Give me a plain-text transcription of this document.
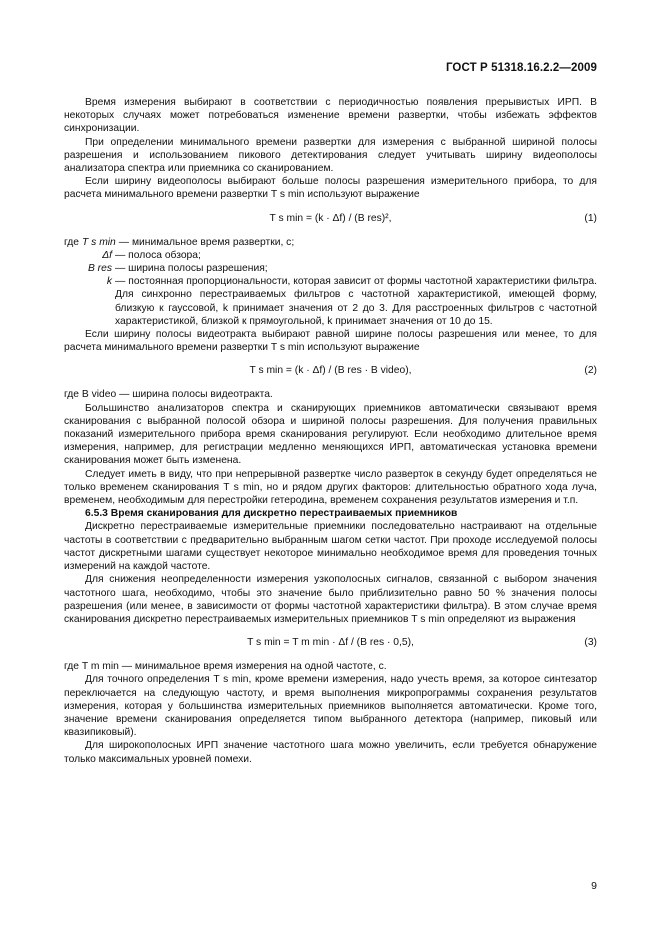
ГОСТ Р 51318.16.2.2—2009

Время измерения выбирают в соответствии с периодичностью появления прерывистых ИРП. В некоторых случаях может потребоваться изменение времени развертки, чтобы избежать эффектов синхронизации.

При определении минимального времени развертки для измерения с выбранной шириной полосы разрешения и использованием пикового детектирования следует учитывать ширину видеополосы анализатора спектра или приемника со сканированием.

Если ширину видеополосы выбирают больше полосы разрешения измерительного прибора, то для расчета минимального времени развертки T s min используют выражение

T s min = (k · Δf) / (B res)²,	(1)
где T s min — минимальное время развертки, с;
Δf — полоса обзора;
B res — ширина полосы разрешения;
k — постоянная пропорциональности, которая зависит от формы частотной характеристики фильтра. Для синхронно перестраиваемых фильтров с частотной характеристикой, имеющей форму, близкую к гауссовой, k принимает значения от 2 до 3. Для расстроенных фильтров с частотной характеристикой, близкой к прямоугольной, k принимает значения от 10 до 15.

Если ширину полосы видеотракта выбирают равной ширине полосы разрешения или менее, то для расчета минимального времени развертки T s min используют выражение

T s min = (k · Δf) / (B res · B video),	(2)

где B video — ширина полосы видеотракта.

Большинство анализаторов спектра и сканирующих приемников автоматически связывают время сканирования с выбранной полосой обзора и шириной полосы разрешения. Для получения правильных показаний измерительного прибора время сканирования регулируют. Если необходимо длительное время измерения, например, для регистрации медленно меняющихся ИРП, автоматическая установка времени сканирования может быть изменена.

Следует иметь в виду, что при непрерывной развертке число разверток в секунду будет определяться не только временем сканирования T s min, но и рядом других факторов: длительностью обратного хода луча, временем, необходимым для перестройки гетеродина, временем сохранения результатов измерения и т.п.

6.5.3 Время сканирования для дискретно перестраиваемых приемников

Дискретно перестраиваемые измерительные приемники последовательно настраивают на отдельные частоты в соответствии с предварительно выбранным шагом сетки частот. При проходе исследуемой полосы частот дискретными шагами существует некоторое минимально необходимое время для проведения точных измерений на каждой частоте.

Для снижения неопределенности измерения узкополосных сигналов, связанной с выбором значения частотного шага, необходимо, чтобы это значение было приблизительно равно 50 % значения полосы разрешения (или менее, в зависимости от формы частотной характеристики фильтра). В этом случае время сканирования дискретно перестраиваемых измерительных приемников T s min определяют из выражения

T s min = T m min · Δf / (B res · 0,5),	(3)

где T m min — минимальное время измерения на одной частоте, с.

Для точного определения T s min, кроме времени измерения, надо учесть время, за которое синтезатор переключается на следующую частоту, и время выполнения микропрограммы сохранения результатов измерения, которая у большинства измерительных приемников выполняется автоматически. Кроме того, значение времени сканирования определяется типом выбранного детектора (например, пиковый или квазипиковый).

Для широкополосных ИРП значение частотного шага можно увеличить, если требуется обнаружение только максимальных уровней помехи.

9
